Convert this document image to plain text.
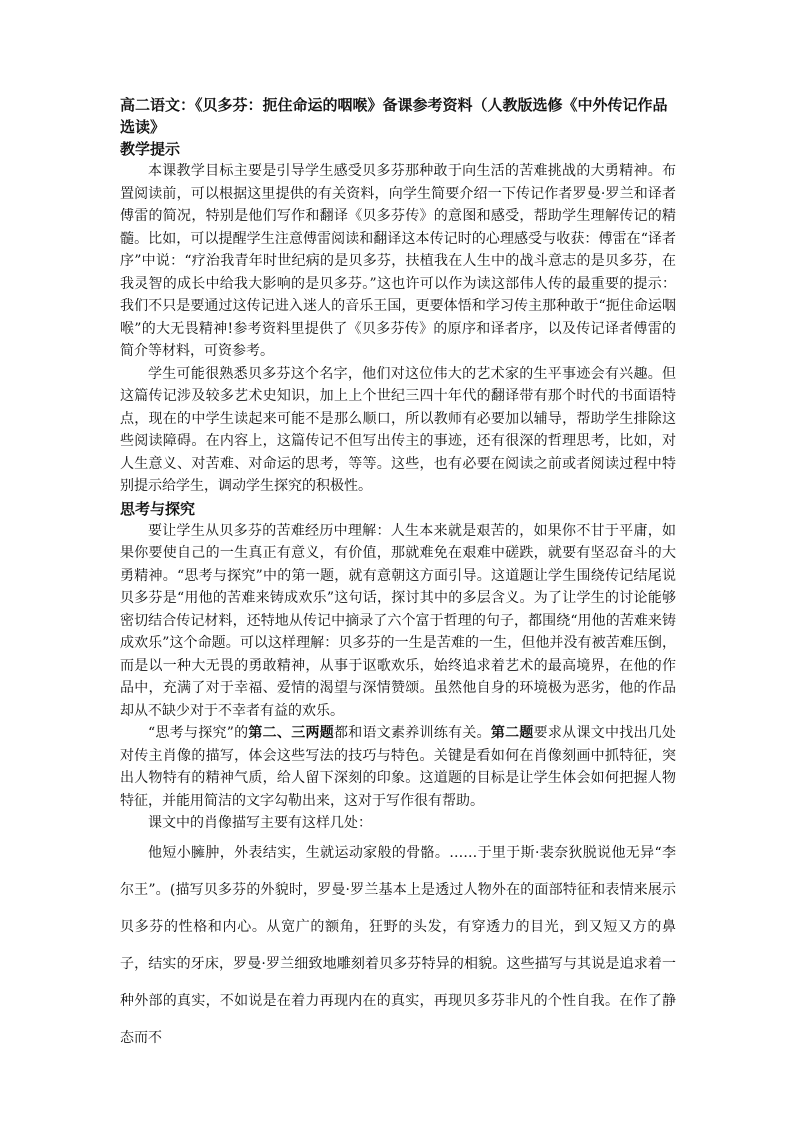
高二语文：《贝多芬：扼住命运的咽喉》备课参考资料（人教版选修《中外传记作品选读》
教学提示

本课教学目标主要是引导学生感受贝多芬那种敢于向生活的苦难挑战的大勇精神。布置阅读前，可以根据这里提供的有关资料，向学生简要介绍一下传记作者罗曼·罗兰和译者傅雷的简况，特别是他们写作和翻译《贝多芬传》的意图和感受，帮助学生理解传记的精髓。比如，可以提醒学生注意傅雷阅读和翻译这本传记时的心理感受与收获：傅雷在“译者序”中说：“疗治我青年时世纪病的是贝多芬，扶植我在人生中的战斗意志的是贝多芬，在我灵智的成长中给我大影响的是贝多芬。”这也许可以作为读这部伟人传的最重要的提示：我们不只是要通过这传记进入迷人的音乐王国，更要体悟和学习传主那种敢于“扼住命运咽喉”的大无畏精神!参考资料里提供了《贝多芬传》的原序和译者序，以及传记译者傅雷的简介等材料，可资参考。

学生可能很熟悉贝多芬这个名字，他们对这位伟大的艺术家的生平事迹会有兴趣。但这篇传记涉及较多艺术史知识，加上上个世纪三四十年代的翻译带有那个时代的书面语特点，现在的中学生读起来可能不是那么顺口，所以教师有必要加以辅导，帮助学生排除这些阅读障碍。在内容上，这篇传记不但写出传主的事迹，还有很深的哲理思考，比如，对人生意义、对苦难、对命运的思考，等等。这些，也有必要在阅读之前或者阅读过程中特别提示给学生，调动学生探究的积极性。

思考与探究

要让学生从贝多芬的苦难经历中理解：人生本来就是艰苦的，如果你不甘于平庸，如果你要使自己的一生真正有意义，有价值，那就难免在艰难中磋跌，就要有坚忍奋斗的大勇精神。“思考与探究”中的第一题，就有意朝这方面引导。这道题让学生围绕传记结尾说贝多芬是“用他的苦难来铸成欢乐”这句话，探讨其中的多层含义。为了让学生的讨论能够密切结合传记材料，还特地从传记中摘录了六个富于哲理的句子，都围绕“用他的苦难来铸成欢乐”这个命题。可以这样理解：贝多芬的一生是苦难的一生，但他并没有被苦难压倒，而是以一种大无畏的勇敢精神，从事于讴歌欢乐，始终追求着艺术的最高境界，在他的作品中，充满了对于幸福、爱情的渴望与深情赞颂。虽然他自身的环境极为恶劣，他的作品却从不缺少对于不幸者有益的欢乐。

“思考与探究”的第二、三两题都和语文素养训练有关。第二题要求从课文中找出几处对传主肖像的描写，体会这些写法的技巧与特色。关键是看如何在肖像刻画中抓特征，突出人物特有的精神气质，给人留下深刻的印象。这道题的目标是让学生体会如何把握人物特征，并能用简洁的文字勾勒出来，这对于写作很有帮助。

课文中的肖像描写主要有这样几处：

他短小臃肿，外表结实，生就运动家般的骨骼。……于里于斯·裴奈狄脱说他无异“李尔王”。(描写贝多芬的外貌时，罗曼·罗兰基本上是透过人物外在的面部特征和表情来展示贝多芬的性格和内心。从宽广的额角，狂野的头发，有穿透力的目光，到又短又方的鼻子，结实的牙床，罗曼·罗兰细致地雕刻着贝多芬特异的相貌。这些描写与其说是追求着一种外部的真实，不如说是在着力再现内在的真实，再现贝多芬非凡的个性自我。在作了静态而不
